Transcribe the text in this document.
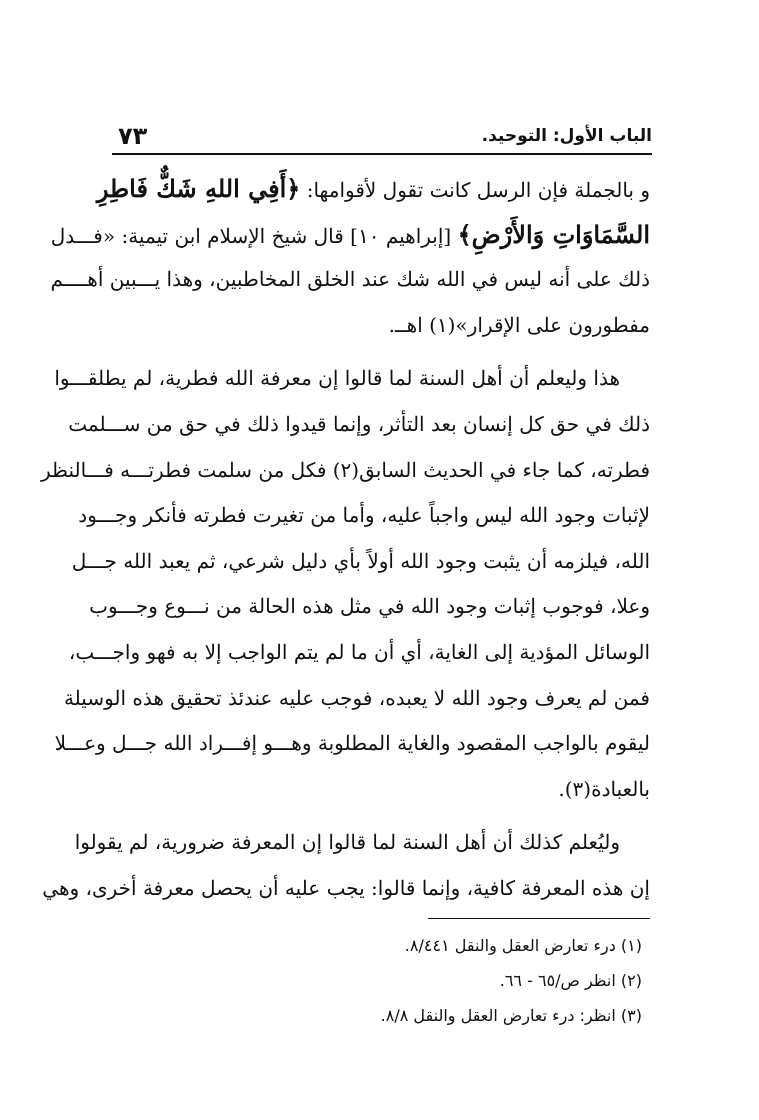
الباب الأول: التوحيد.
٧٣
و بالجملة فإن الرسل كانت تقول لأقوامها: ﴿أَفِي اللهِ شَكٌّ فَاطِرِ
السَّمَاوَاتِ وَالأَرْضِ﴾ [إبراهيم ١٠] قال شيخ الإسلام ابن تيمية: «فـــدل
ذلك على أنه ليس في الله شك عند الخلق المخاطبين، وهذا يـــبين أهــــم
مفطورون على الإقرار»(١) اهــ.
هذا وليعلم أن أهل السنة لما قالوا إن معرفة الله فطرية، لم يطلقـــوا
ذلك في حق كل إنسان بعد التأثر، وإنما قيدوا ذلك في حق من ســـلمت
فطرته، كما جاء في الحديث السابق(٢) فكل من سلمت فطرتـــه فـــالنظر
لإثبات وجود الله ليس واجباً عليه، وأما من تغيرت فطرته فأنكر وجـــود
الله، فيلزمه أن يثبت وجود الله أولاً بأي دليل شرعي، ثم يعبد الله جـــل
وعلا، فوجوب إثبات وجود الله في مثل هذه الحالة من نـــوع وجـــوب
الوسائل المؤدية إلى الغاية، أي أن ما لم يتم الواجب إلا به فهو واجـــب،
فمن لم يعرف وجود الله لا يعبده، فوجب عليه عندئذ تحقيق هذه الوسيلة
ليقوم بالواجب المقصود والغاية المطلوبة وهـــو إفـــراد الله جـــل وعـــلا
بالعبادة(٣).
وليُعلم كذلك أن أهل السنة لما قالوا إن المعرفة ضرورية، لم يقولوا
إن هذه المعرفة كافية، وإنما قالوا: يجب عليه أن يحصل معرفة أخرى، وهي
(١) درء تعارض العقل والنقل ٨/٤٤١.
(٢) انظر ص/٦٥ - ٦٦.
(٣) انظر: درء تعارض العقل والنقل ٨/٨.
